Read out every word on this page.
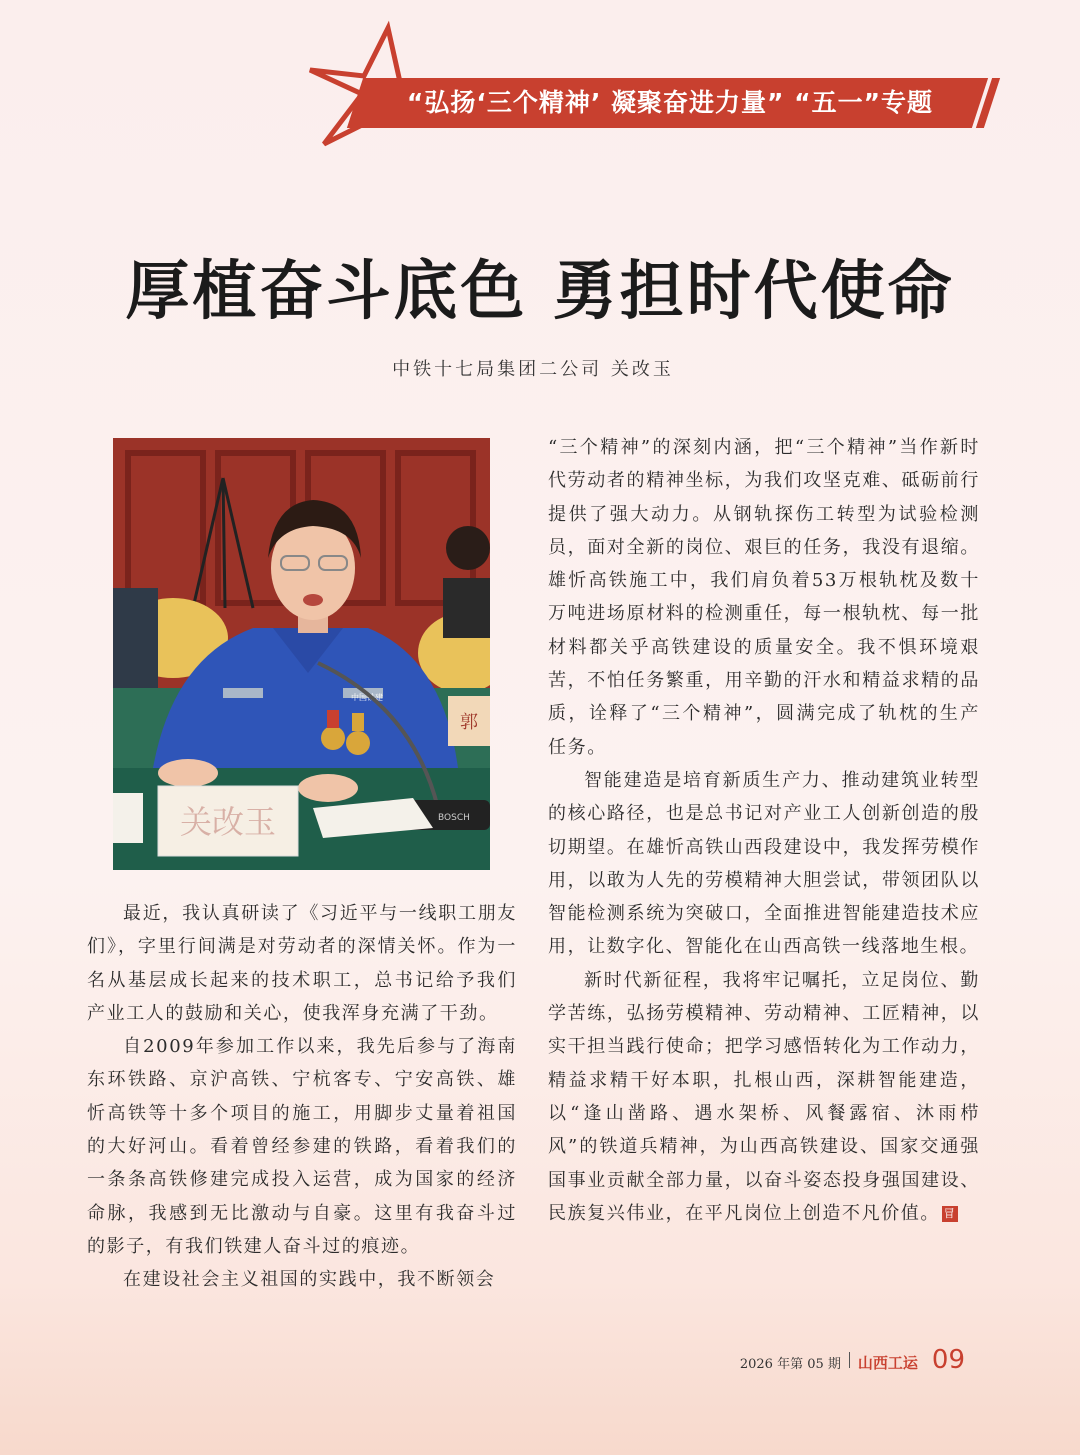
“弘扬‘三个精神’ 凝聚奋进力量” “五一”专题
厚植奋斗底色 勇担时代使命
中铁十七局集团二公司 关改玉
中国铁建
BOSCH
关改玉
郭

最近，我认真研读了《习近平与一线职工朋友们》，字里行间满是对劳动者的深情关怀。作为一名从基层成长起来的技术职工，总书记给予我们产业工人的鼓励和关心，使我浑身充满了干劲。

自2009年参加工作以来，我先后参与了海南东环铁路、京沪高铁、宁杭客专、宁安高铁、雄忻高铁等十多个项目的施工，用脚步丈量着祖国的大好河山。看着曾经参建的铁路，看着我们的一条条高铁修建完成投入运营，成为国家的经济命脉，我感到无比激动与自豪。这里有我奋斗过的影子，有我们铁建人奋斗过的痕迹。

在建设社会主义祖国的实践中，我不断领会

“三个精神”的深刻内涵，把“三个精神”当作新时代劳动者的精神坐标，为我们攻坚克难、砥砺前行提供了强大动力。从钢轨探伤工转型为试验检测员，面对全新的岗位、艰巨的任务，我没有退缩。雄忻高铁施工中，我们肩负着53万根轨枕及数十万吨进场原材料的检测重任，每一根轨枕、每一批材料都关乎高铁建设的质量安全。我不惧环境艰苦，不怕任务繁重，用辛勤的汗水和精益求精的品质，诠释了“三个精神”，圆满完成了轨枕的生产任务。

智能建造是培育新质生产力、推动建筑业转型的核心路径，也是总书记对产业工人创新创造的殷切期望。在雄忻高铁山西段建设中，我发挥劳模作用，以敢为人先的劳模精神大胆尝试，带领团队以智能检测系统为突破口，全面推进智能建造技术应用，让数字化、智能化在山西高铁一线落地生根。

新时代新征程，我将牢记嘱托，立足岗位、勤学苦练，弘扬劳模精神、劳动精神、工匠精神，以实干担当践行使命；把学习感悟转化为工作动力，精益求精干好本职，扎根山西，深耕智能建造，以“逢山凿路、遇水架桥、风餐露宿、沐雨栉风”的铁道兵精神，为山西高铁建设、国家交通强国事业贡献全部力量，以奋斗姿态投身强国建设、民族复兴伟业，在平凡岗位上创造不凡价值。 冒

2026 年第 05 期 山西工运 09
